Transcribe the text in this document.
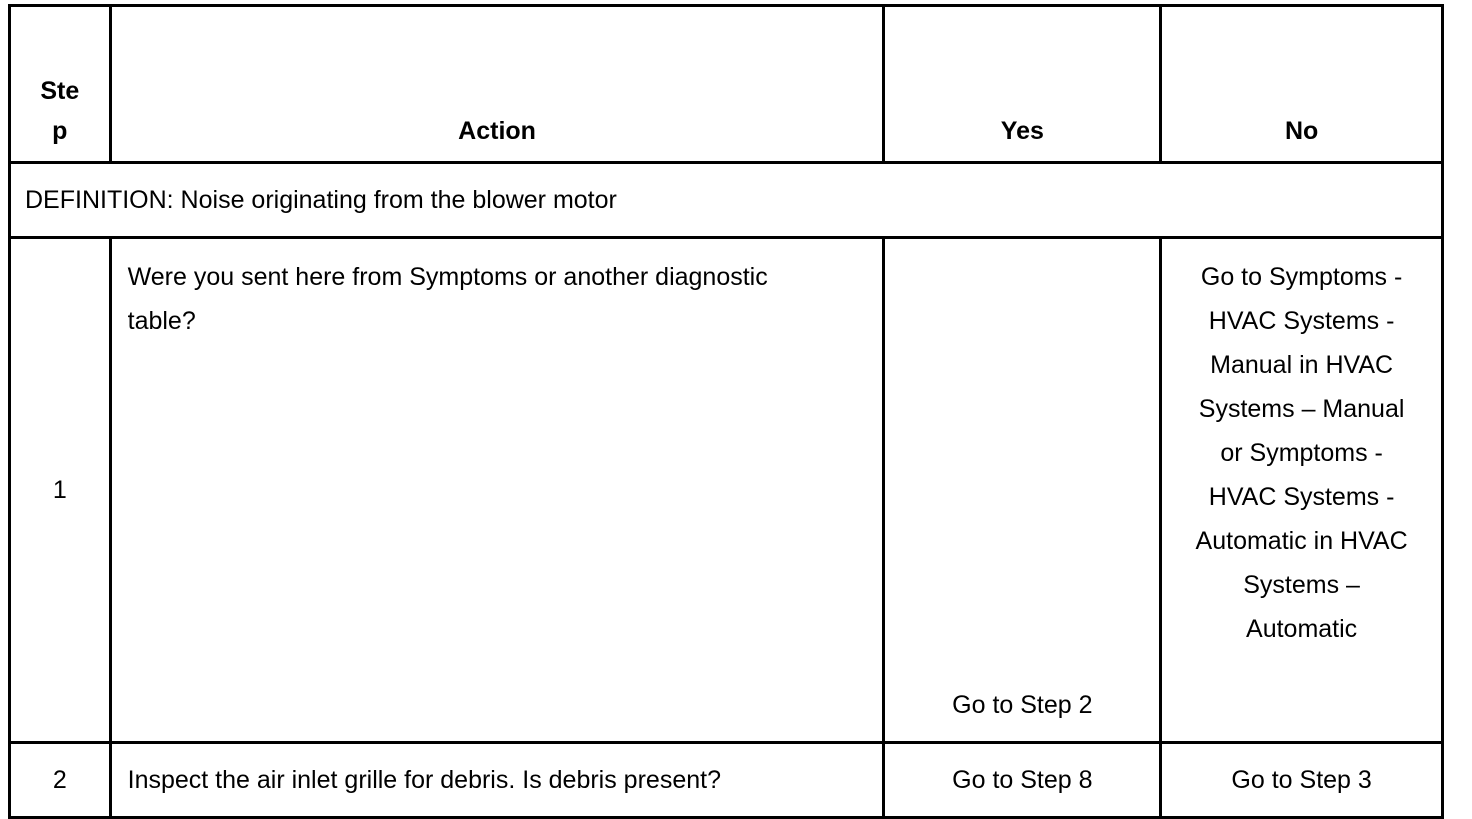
Step	Action	Yes	No
DEFINITION: Noise originating from the blower motor			
1	Were you sent here from Symptoms or another diagnostic table?	Go to Step 2	Go to Symptoms - HVAC Systems - Manual in HVAC Systems – Manual or Symptoms - HVAC Systems - Automatic in HVAC Systems – Automatic
2	Inspect the air inlet grille for debris. Is debris present?	Go to Step 8	Go to Step 3
